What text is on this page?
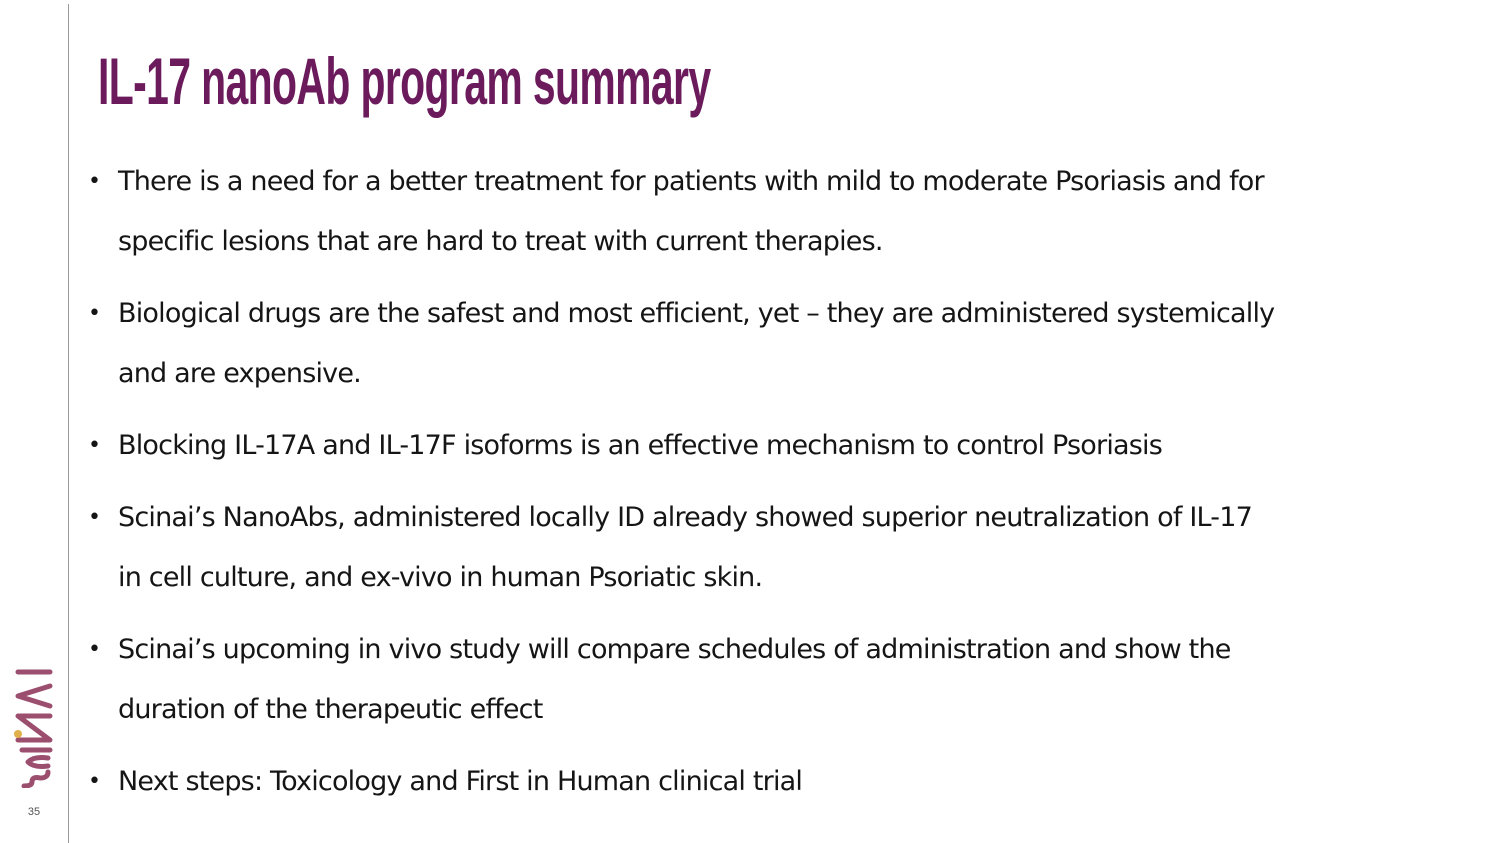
35
IL-17 nanoAb program summary
• There is a need for a better treatment for patients with mild to moderate Psoriasis and for
specific lesions that are hard to treat with current therapies.
• Biological drugs are the safest and most efficient, yet – they are administered systemically
and are expensive.
• Blocking IL-17A and IL-17F isoforms is an effective mechanism to control Psoriasis
• Scinai’s NanoAbs, administered locally ID already showed superior neutralization of IL-17
in cell culture, and ex-vivo in human Psoriatic skin.
• Scinai’s upcoming in vivo study will compare schedules of administration and show the
duration of the therapeutic effect
• Next steps: Toxicology and First in Human clinical trial
